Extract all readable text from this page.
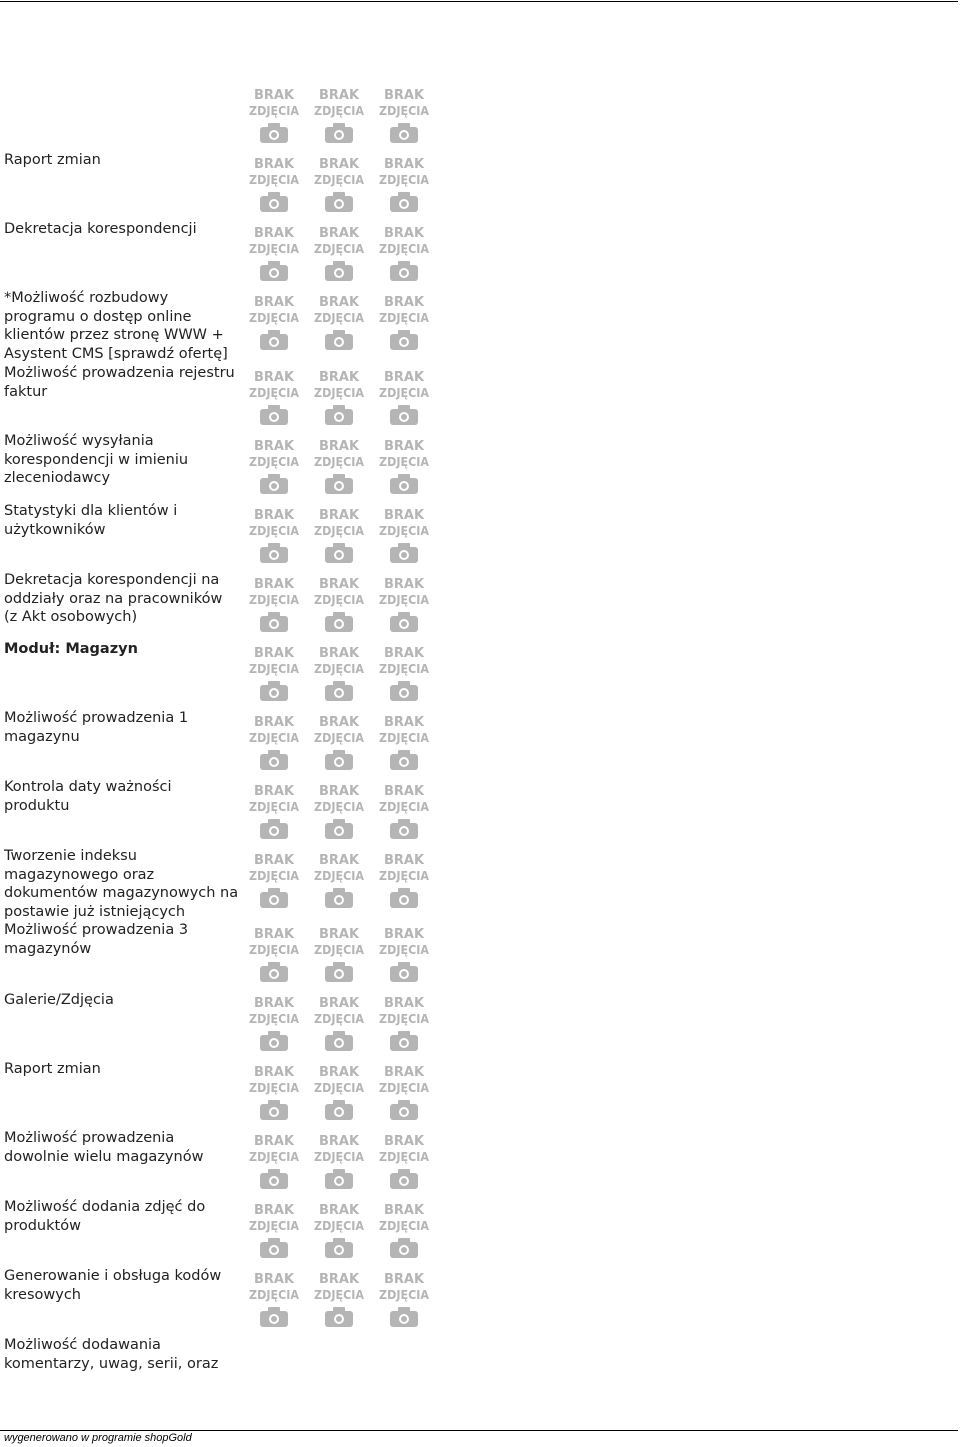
Raport zmian
Dekretacja korespondencji
*Możliwość rozbudowy programu o dostęp online klientów przez stronę WWW + Asystent CMS [sprawdź ofertę]
Możliwość prowadzenia rejestru faktur
Możliwość wysyłania korespondencji w imieniu zleceniodawcy
Statystyki dla klientów i użytkowników
Dekretacja korespondencji na oddziały oraz na pracowników (z Akt osobowych)
Moduł: Magazyn
Możliwość prowadzenia 1 magazynu
Kontrola daty ważności produktu
Tworzenie indeksu magazynowego oraz dokumentów magazynowych na postawie już istniejących
Możliwość prowadzenia 3 magazynów
Galerie/Zdjęcia
Raport zmian
Możliwość prowadzenia dowolnie wielu magazynów
Możliwość dodania zdjęć do produktów
Generowanie i obsługa kodów kresowych
Możliwość dodawania komentarzy, uwag, serii, oraz
BRAK
ZDJĘCIA
BRAK
ZDJĘCIA
BRAK
ZDJĘCIA
BRAK
ZDJĘCIA
BRAK
ZDJĘCIA
BRAK
ZDJĘCIA
BRAK
ZDJĘCIA
BRAK
ZDJĘCIA
BRAK
ZDJĘCIA
BRAK
ZDJĘCIA
BRAK
ZDJĘCIA
BRAK
ZDJĘCIA
BRAK
ZDJĘCIA
BRAK
ZDJĘCIA
BRAK
ZDJĘCIA
BRAK
ZDJĘCIA
BRAK
ZDJĘCIA
BRAK
ZDJĘCIA
BRAK
ZDJĘCIA
BRAK
ZDJĘCIA
BRAK
ZDJĘCIA
BRAK
ZDJĘCIA
BRAK
ZDJĘCIA
BRAK
ZDJĘCIA
BRAK
ZDJĘCIA
BRAK
ZDJĘCIA
BRAK
ZDJĘCIA
BRAK
ZDJĘCIA
BRAK
ZDJĘCIA
BRAK
ZDJĘCIA
BRAK
ZDJĘCIA
BRAK
ZDJĘCIA
BRAK
ZDJĘCIA
BRAK
ZDJĘCIA
BRAK
ZDJĘCIA
BRAK
ZDJĘCIA
BRAK
ZDJĘCIA
BRAK
ZDJĘCIA
BRAK
ZDJĘCIA
BRAK
ZDJĘCIA
BRAK
ZDJĘCIA
BRAK
ZDJĘCIA
BRAK
ZDJĘCIA
BRAK
ZDJĘCIA
BRAK
ZDJĘCIA
BRAK
ZDJĘCIA
BRAK
ZDJĘCIA
BRAK
ZDJĘCIA
BRAK
ZDJĘCIA
BRAK
ZDJĘCIA
BRAK
ZDJĘCIA
BRAK
ZDJĘCIA
BRAK
ZDJĘCIA
BRAK
ZDJĘCIA
wygenerowano w programie shopGold
